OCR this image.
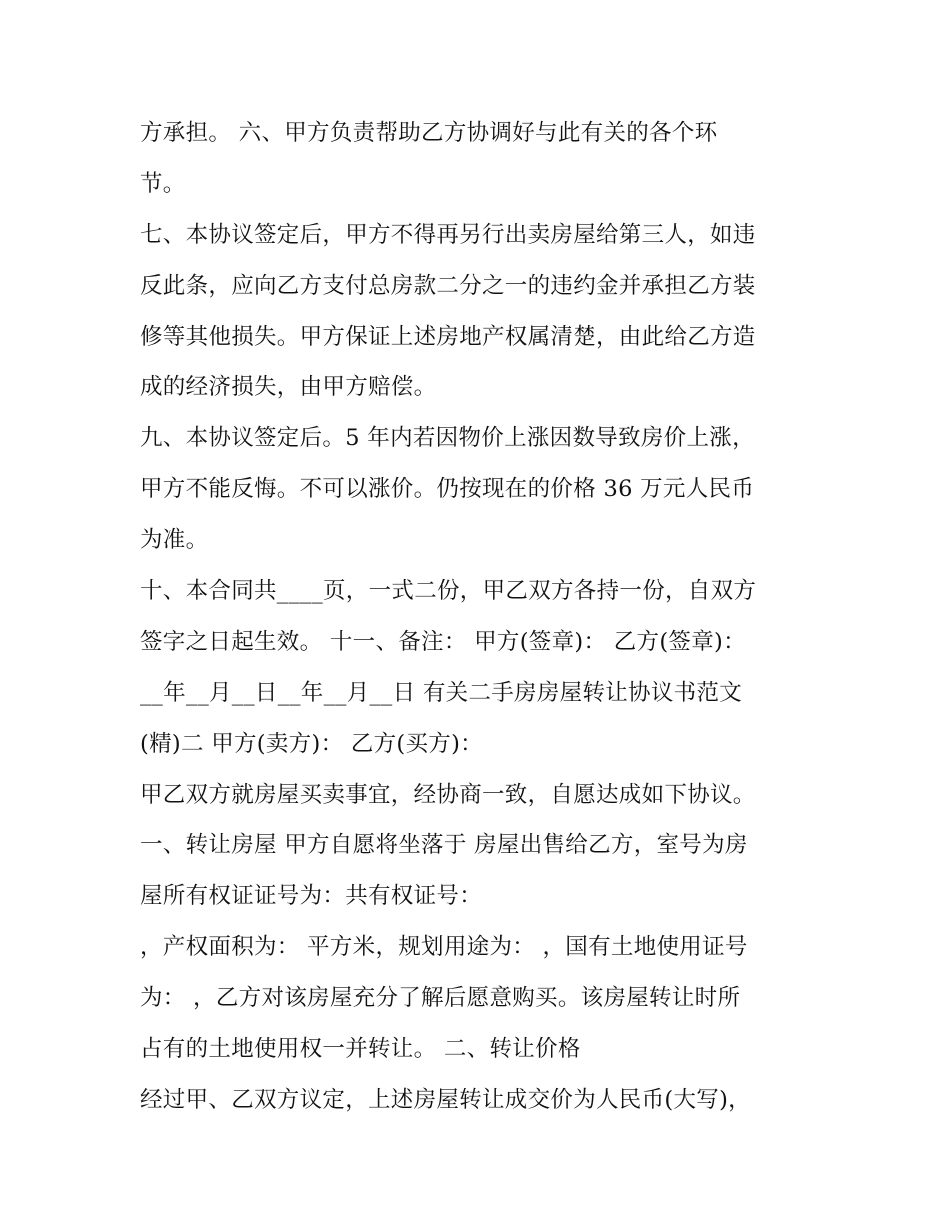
方承担。 六、甲方负责帮助乙方协调好与此有关的各个环
节。
七、本协议签定后，甲方不得再另行出卖房屋给第三人，如违
反此条，应向乙方支付总房款二分之一的违约金并承担乙方装
修等其他损失。甲方保证上述房地产权属清楚，由此给乙方造
成的经济损失，由甲方赔偿。
九、本协议签定后。5 年内若因物价上涨因数导致房价上涨，
甲方不能反悔。不可以涨价。仍按现在的价格 36 万元人民币
为准。
十、本合同共____页，一式二份，甲乙双方各持一份，自双方
签字之日起生效。 十一、备注： 甲方(签章)： 乙方(签章)：
__年__月__日__年__月__日 有关二手房房屋转让协议书范文
(精)二 甲方(卖方)： 乙方(买方)：
甲乙双方就房屋买卖事宜，经协商一致，自愿达成如下协议。
一、转让房屋 甲方自愿将坐落于 房屋出售给乙方，室号为房
屋所有权证证号为：共有权证号：
，产权面积为： 平方米，规划用途为： ，国有土地使用证号
为： ，乙方对该房屋充分了解后愿意购买。该房屋转让时所
占有的土地使用权一并转让。 二、转让价格
经过甲、乙双方议定，上述房屋转让成交价为人民币(大写)，
